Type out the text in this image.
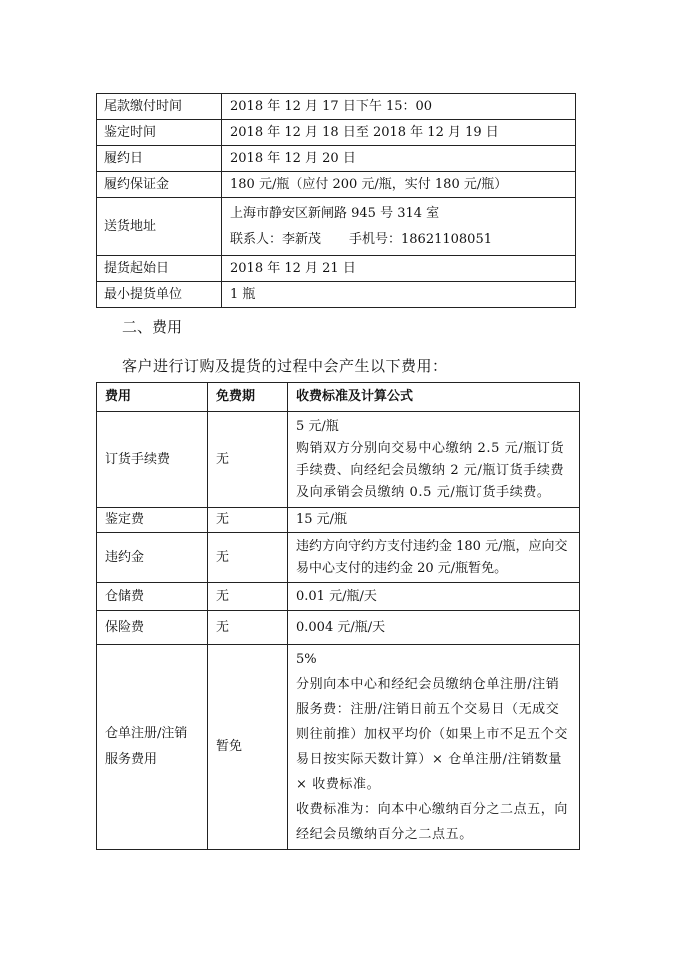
尾款缴付时间	2018 年 12 月 17 日下午 15：00
鉴定时间	2018 年 12 月 18 日至 2018 年 12 月 19 日
履约日	2018 年 12 月 20 日
履约保证金	180 元/瓶（应付 200 元/瓶，实付 180 元/瓶）
送货地址	上海市静安区新闸路 945 号 314 室
联系人：李新茂 手机号：18621108051

提货起始日	2018 年 12 月 21 日
最小提货单位	1 瓶
二、费用
客户进行订购及提货的过程中会产生以下费用：
费用	免费期	收费标准及计算公式
订货手续费	无	5 元/瓶

购销双方分别向交易中心缴纳 2.5 元/瓶订货手续费、向经纪会员缴纳 2 元/瓶订货手续费及向承销会员缴纳 0.5 元/瓶订货手续费。

鉴定费	无	15 元/瓶

违约金	无	违约方向守约方支付违约金 180 元/瓶，应向交易中心支付的违约金 20 元/瓶暂免。

仓储费	无	0.01 元/瓶/天

保险费	无	0.004 元/瓶/天

仓单注册/注销服务费用	暂免	5%

分别向本中心和经纪会员缴纳仓单注册/注销服务费：注册/注销日前五个交易日（无成交则往前推）加权平均价（如果上市不足五个交易日按实际天数计算）× 仓单注册/注销数量 × 收费标准。

收费标准为：向本中心缴纳百分之二点五，向经纪会员缴纳百分之二点五。
